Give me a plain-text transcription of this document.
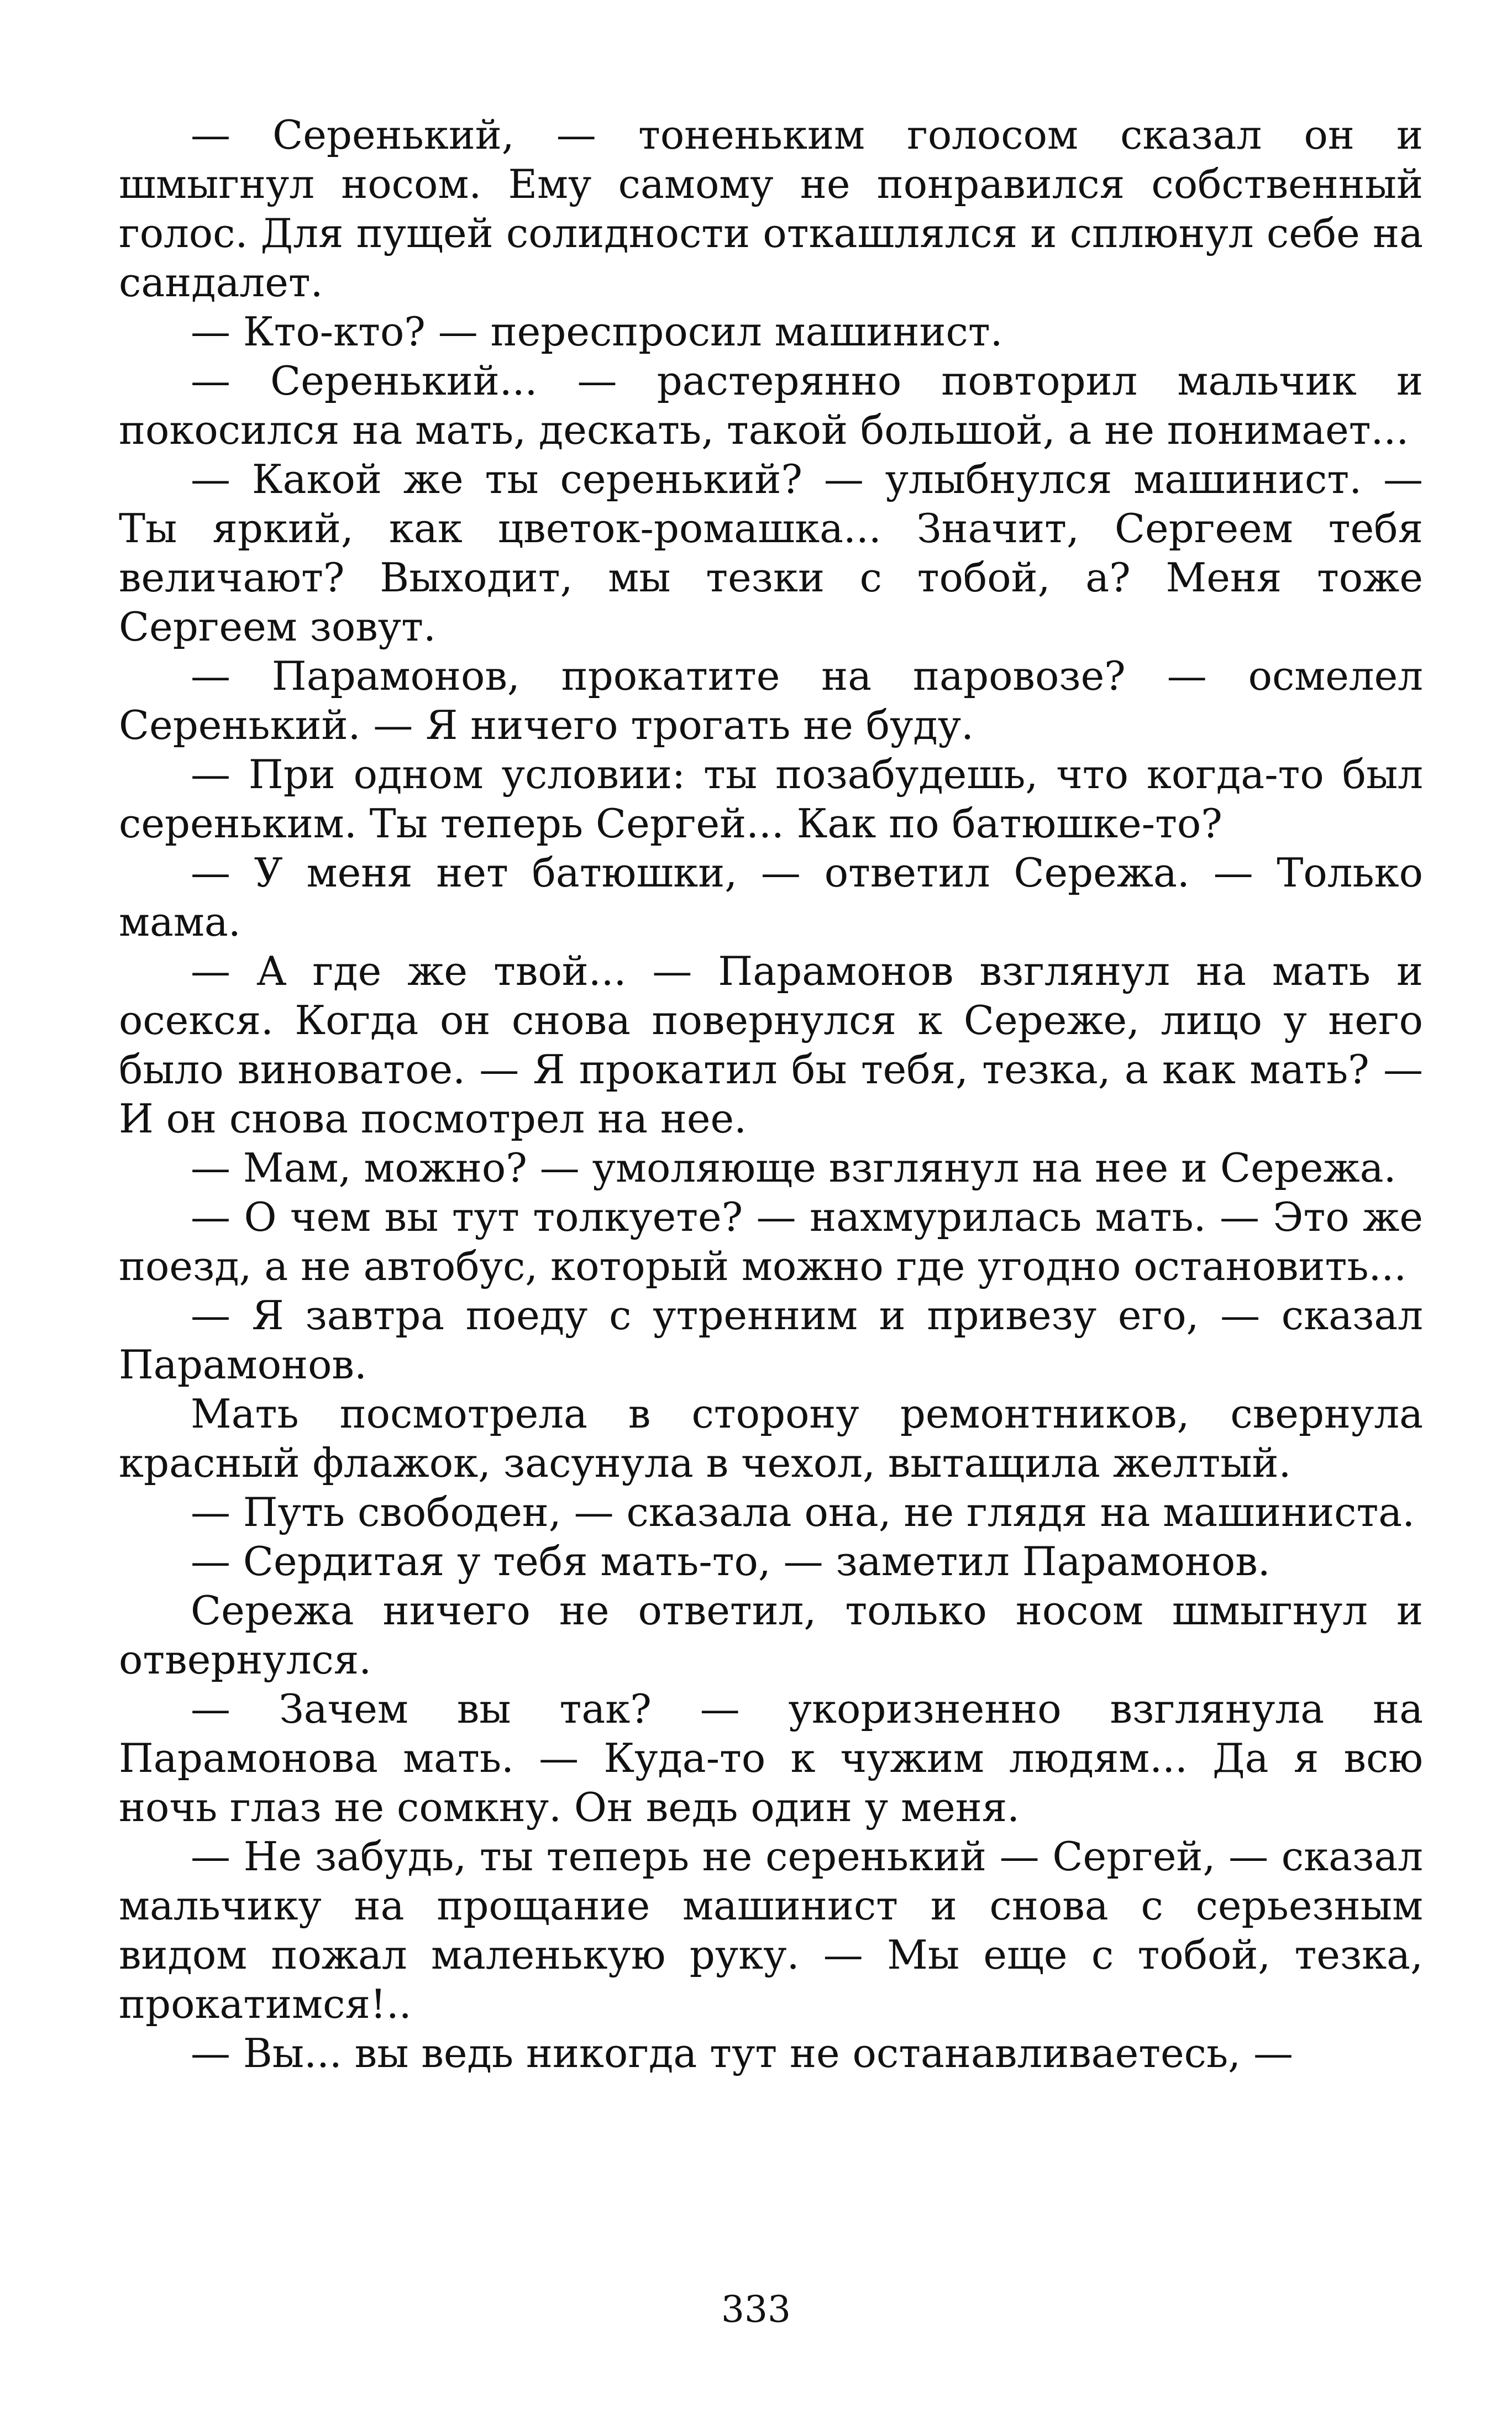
— Серенький, — тоненьким голосом сказал он и шмыгнул носом. Ему самому не понравился собственный голос. Для пущей солидности откашлялся и сплюнул себе на сандалет.

— Кто-кто? — переспросил машинист.

— Серенький... — растерянно повторил мальчик и покосился на мать, дескать, такой большой, а не понимает...

— Какой же ты серенький? — улыбнулся машинист. — Ты яркий, как цветок-ромашка... Значит, Сергеем тебя величают? Выходит, мы тезки с тобой, а? Меня тоже Сергеем зовут.

— Парамонов, прокатите на паровозе? — осмелел Серенький. — Я ничего трогать не буду.

— При одном условии: ты позабудешь, что когда-то был сереньким. Ты теперь Сергей... Как по батюшке-то?

— У меня нет батюшки, — ответил Сережа. — Только мама.

— А где же твой... — Парамонов взглянул на мать и осекся. Когда он снова повернулся к Сереже, лицо у него было виноватое. — Я прокатил бы тебя, тезка, а как мать? — И он снова посмотрел на нее.

— Мам, можно? — умоляюще взглянул на нее и Сережа.

— О чем вы тут толкуете? — нахмурилась мать. — Это же поезд, а не автобус, который можно где угодно остановить...

— Я завтра поеду с утренним и привезу его, — сказал Парамонов.

Мать посмотрела в сторону ремонтников, свернула красный флажок, засунула в чехол, вытащила желтый.

— Путь свободен, — сказала она, не глядя на машиниста.

— Сердитая у тебя мать-то, — заметил Парамонов.

Сережа ничего не ответил, только носом шмыгнул и отвернулся.

— Зачем вы так? — укоризненно взглянула на Парамонова мать. — Куда-то к чужим людям... Да я всю ночь глаз не сомкну. Он ведь один у меня.

— Не забудь, ты теперь не серенький — Сергей, — сказал мальчику на прощание машинист и снова с серьезным видом пожал маленькую руку. — Мы еще с тобой, тезка, прокатимся!..

— Вы... вы ведь никогда тут не останавливаетесь, —

333
